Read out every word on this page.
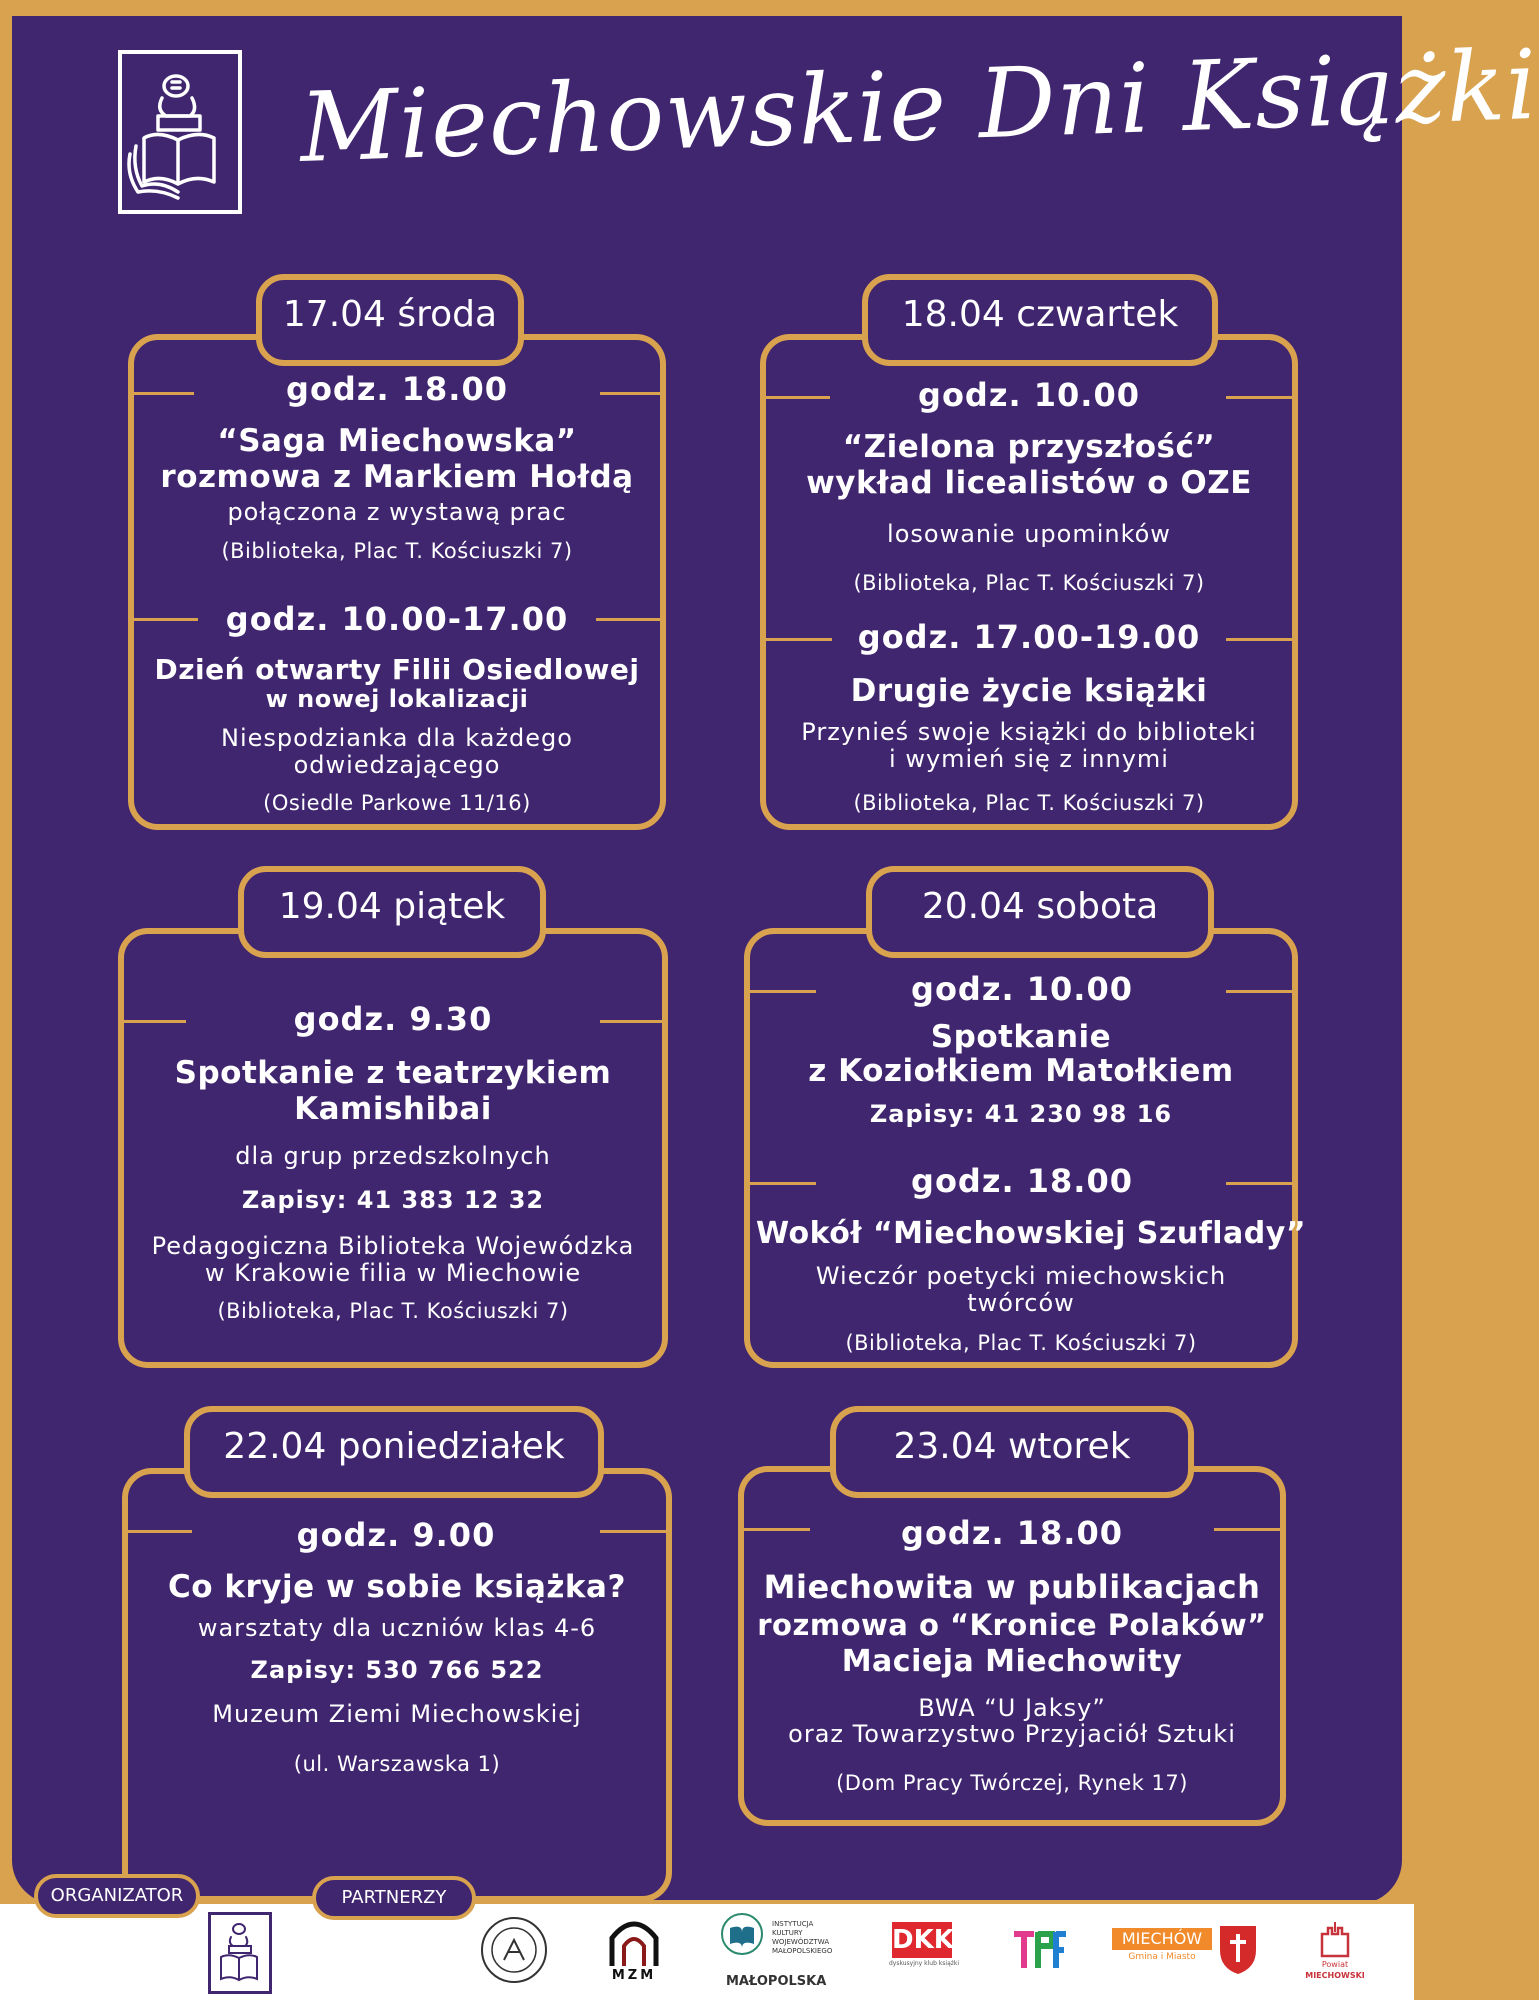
Miechowskie Dni Książki
17.04 środa
godz. 18.00
“Saga Miechowska”
rozmowa z Markiem Hołdą
połączona z wystawą prac
(Biblioteka, Plac T. Kościuszki 7)
godz. 10.00-17.00
Dzień otwarty Filii Osiedlowej
w nowej lokalizacji
Niespodzianka dla każdego
odwiedzającego
(Osiedle Parkowe 11/16)
18.04 czwartek
godz. 10.00
“Zielona przyszłość”
wykład licealistów o OZE
losowanie upominków
(Biblioteka, Plac T. Kościuszki 7)
godz. 17.00-19.00
Drugie życie książki
Przynieś swoje książki do biblioteki
i wymień się z innymi
(Biblioteka, Plac T. Kościuszki 7)
19.04 piątek
godz. 9.30
Spotkanie z teatrzykiem
Kamishibai
dla grup przedszkolnych
Zapisy: 41 383 12 32
Pedagogiczna Biblioteka Wojewódzka
w Krakowie filia w Miechowie
(Biblioteka, Plac T. Kościuszki 7)
20.04 sobota
godz. 10.00
Spotkanie
z Koziołkiem Matołkiem
Zapisy: 41 230 98 16
godz. 18.00
Wokół “Miechowskiej Szuflady”
Wieczór poetycki miechowskich
twórców
(Biblioteka, Plac T. Kościuszki 7)
22.04 poniedziałek
godz. 9.00
Co kryje w sobie książka?
warsztaty dla uczniów klas 4-6
Zapisy: 530 766 522
Muzeum Ziemi Miechowskiej
(ul. Warszawska 1)
23.04 wtorek
godz. 18.00
Miechowita w publikacjach
rozmowa o “Kronice Polaków”
Macieja Miechowity
BWA “U Jaksy”
oraz Towarzystwo Przyjaciół Sztuki
(Dom Pracy Twórczej, Rynek 17)
ORGANIZATOR	PARTNERZY
MZM
INSTYTUCJA KULTURY WOJEWÓDZTWA MAŁOPOLSKIEGO
MAŁOPOLSKA
DKK
dyskusyjny klub książki
MIECHÓW
Gmina i Miasto
Powiat
MIECHOWSKI
